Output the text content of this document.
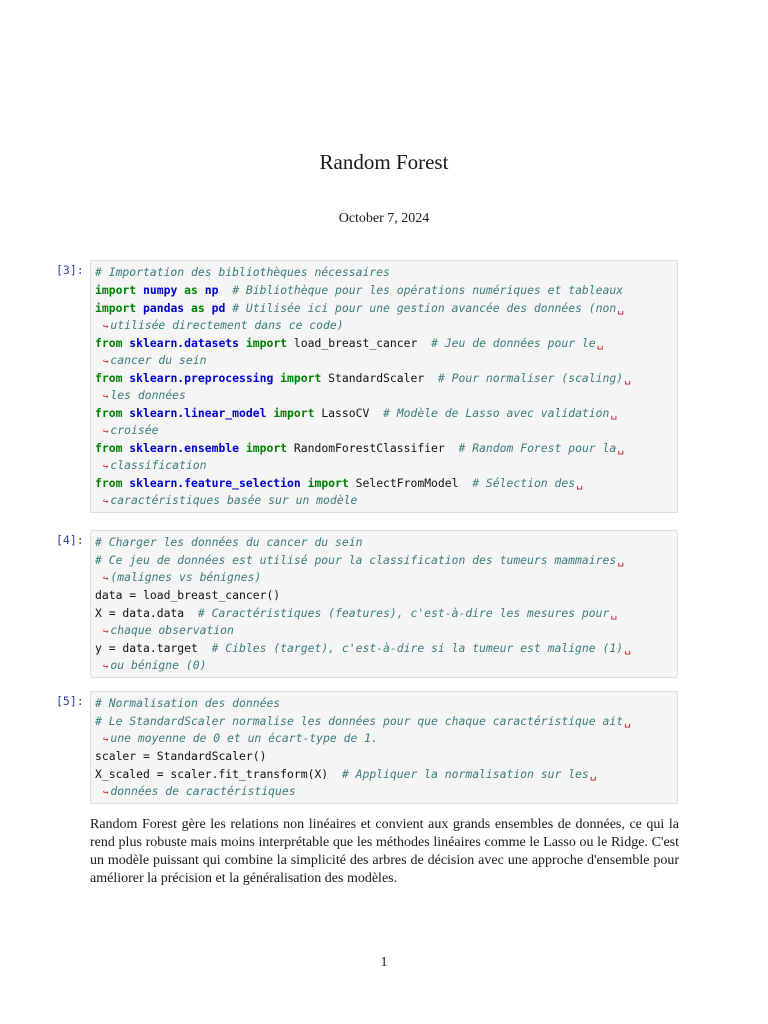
Random Forest
October 7, 2024
[3]: # Importation des bibliothèques nécessaires
import numpy as np # Bibliothèque pour les opérations numériques et tableaux
import pandas as pd # Utilisée ici pour une gestion avancée des données (non␣
↪ utilisée directement dans ce code)
from sklearn.datasets import load_breast_cancer  # Jeu de données pour le␣
↪ cancer du sein
from sklearn.preprocessing import StandardScaler  # Pour normaliser (scaling)␣
↪ les données
from sklearn.linear_model import LassoCV  # Modèle de Lasso avec validation␣
↪ croisée
from sklearn.ensemble import RandomForestClassifier  # Random Forest pour la␣
↪ classification
from sklearn.feature_selection import SelectFromModel  # Sélection des␣
↪ caractéristiques basée sur un modèle
[4]: # Charger les données du cancer du sein
# Ce jeu de données est utilisé pour la classification des tumeurs mammaires␣
↪ (malignes vs bénignes)
data = load_breast_cancer()
X = data.data  # Caractéristiques (features), c'est-à-dire les mesures pour␣
↪ chaque observation
y = data.target  # Cibles (target), c'est-à-dire si la tumeur est maligne (1)␣
↪ ou bénigne (0)
[5]: # Normalisation des données
# Le StandardScaler normalise les données pour que chaque caractéristique ait␣
↪ une moyenne de 0 et un écart-type de 1.
scaler = StandardScaler()
X_scaled = scaler.fit_transform(X)  # Appliquer la normalisation sur les␣
↪ données de caractéristiques
Random Forest gère les relations non linéaires et convient aux grands ensembles de données, ce qui la rend plus robuste mais moins interprétable que les méthodes linéaires comme le Lasso ou le Ridge. C'est un modèle puissant qui combine la simplicité des arbres de décision avec une approche d'ensemble pour améliorer la précision et la généralisation des modèles.
1
